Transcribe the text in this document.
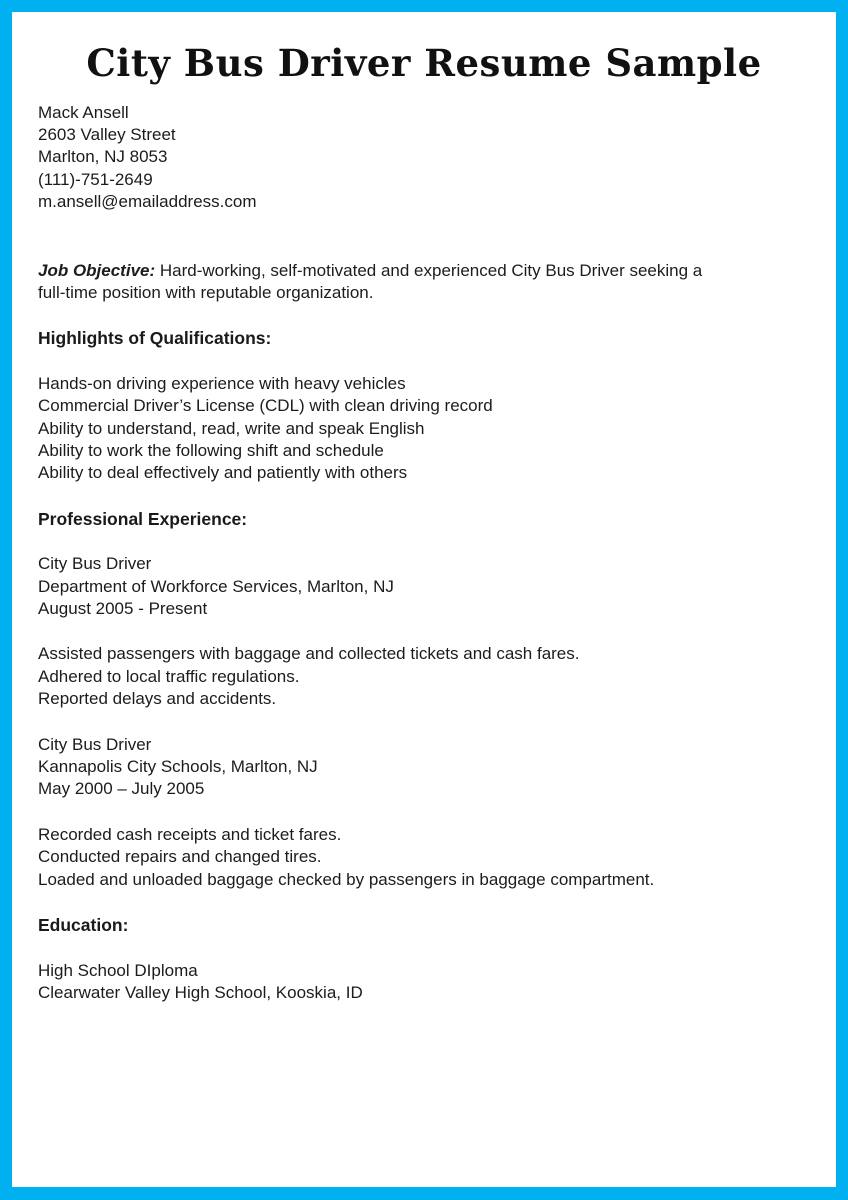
City Bus Driver Resume Sample
Mack Ansell
2603 Valley Street
Marlton, NJ 8053
(111)-751-2649
m.ansell@emailaddress.com

Job Objective: Hard-working, self-motivated and experienced City Bus Driver seeking a full-time position with reputable organization.

Highlights of Qualifications:
Hands-on driving experience with heavy vehicles
Commercial Driver’s License (CDL) with clean driving record
Ability to understand, read, write and speak English
Ability to work the following shift and schedule
Ability to deal effectively and patiently with others
Professional Experience:
City Bus Driver
Department of Workforce Services, Marlton, NJ
August 2005 - Present
Assisted passengers with baggage and collected tickets and cash fares.
Adhered to local traffic regulations.
Reported delays and accidents.
City Bus Driver
Kannapolis City Schools, Marlton, NJ
May 2000 – July 2005
Recorded cash receipts and ticket fares.
Conducted repairs and changed tires.
Loaded and unloaded baggage checked by passengers in baggage compartment.
Education:
High School DIploma
Clearwater Valley High School, Kooskia, ID
